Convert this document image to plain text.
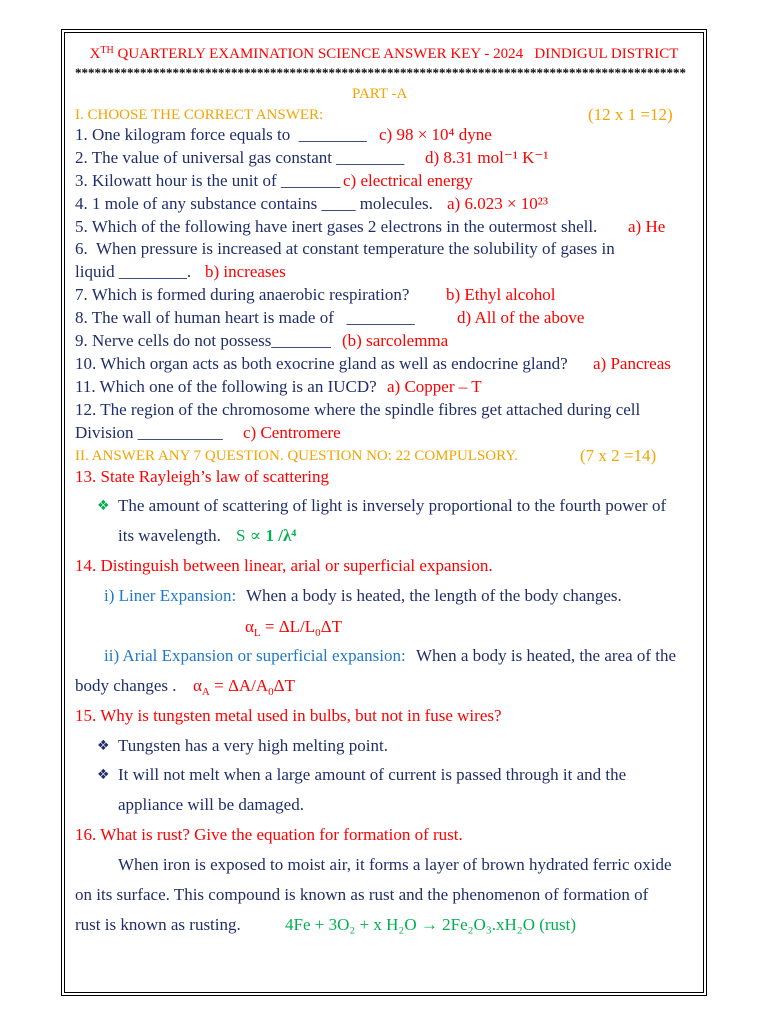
XTH QUARTERLY EXAMINATION SCIENCE ANSWER KEY - 2024   DINDIGUL DISTRICT
**********************************************************************************************
PART -A
I. CHOOSE THE CORRECT ANSWER:	(12 x 1 =12)
1. One kilogram force equals to  ________ c) 98 × 10⁴ dyne
2. The value of universal gas constant ________ d) 8.31 mol⁻¹ K⁻¹
3. Kilowatt hour is the unit of _______ c) electrical energy
4. 1 mole of any substance contains ____ molecules. a) 6.023 × 10²³
5. Which of the following have inert gases 2 electrons in the outermost shell. a) He
6.  When pressure is increased at constant temperature the solubility of gases in
liquid ________. b) increases
7. Which is formed during anaerobic respiration? b) Ethyl alcohol
8. The wall of human heart is made of   ________ d) All of the above
9. Nerve cells do not possess_______ (b) sarcolemma
10. Which organ acts as both exocrine gland as well as endocrine gland? a) Pancreas
11. Which one of the following is an IUCD? a) Copper – T
12. The region of the chromosome where the spindle fibres get attached during cell
Division __________ c) Centromere
II. ANSWER ANY 7 QUESTION. QUESTION NO: 22 COMPULSORY.	(7 x 2 =14)
13. State Rayleigh’s law of scattering
❖ The amount of scattering of light is inversely proportional to the fourth power of
its wavelength. S ∝ 1 /λ⁴
14. Distinguish between linear, arial or superficial expansion.
i) Liner Expansion: When a body is heated, the length of the body changes.
$\alpha_L = \Delta L/L_0\Delta T$
ii) Arial Expansion or superficial expansion: When a body is heated, the area of the
body changes . $\alpha_A = \Delta A/A_0\Delta T$
15. Why is tungsten metal used in bulbs, but not in fuse wires?
❖ Tungsten has a very high melting point.
❖ It will not melt when a large amount of current is passed through it and the
appliance will be damaged.
16. What is rust? Give the equation for formation of rust.
When iron is exposed to moist air, it forms a layer of brown hydrated ferric oxide
on its surface. This compound is known as rust and the phenomenon of formation of
rust is known as rusting.	4Fe + 3O₂ + x H₂O → 2Fe₂O₃.xH₂O (rust)
